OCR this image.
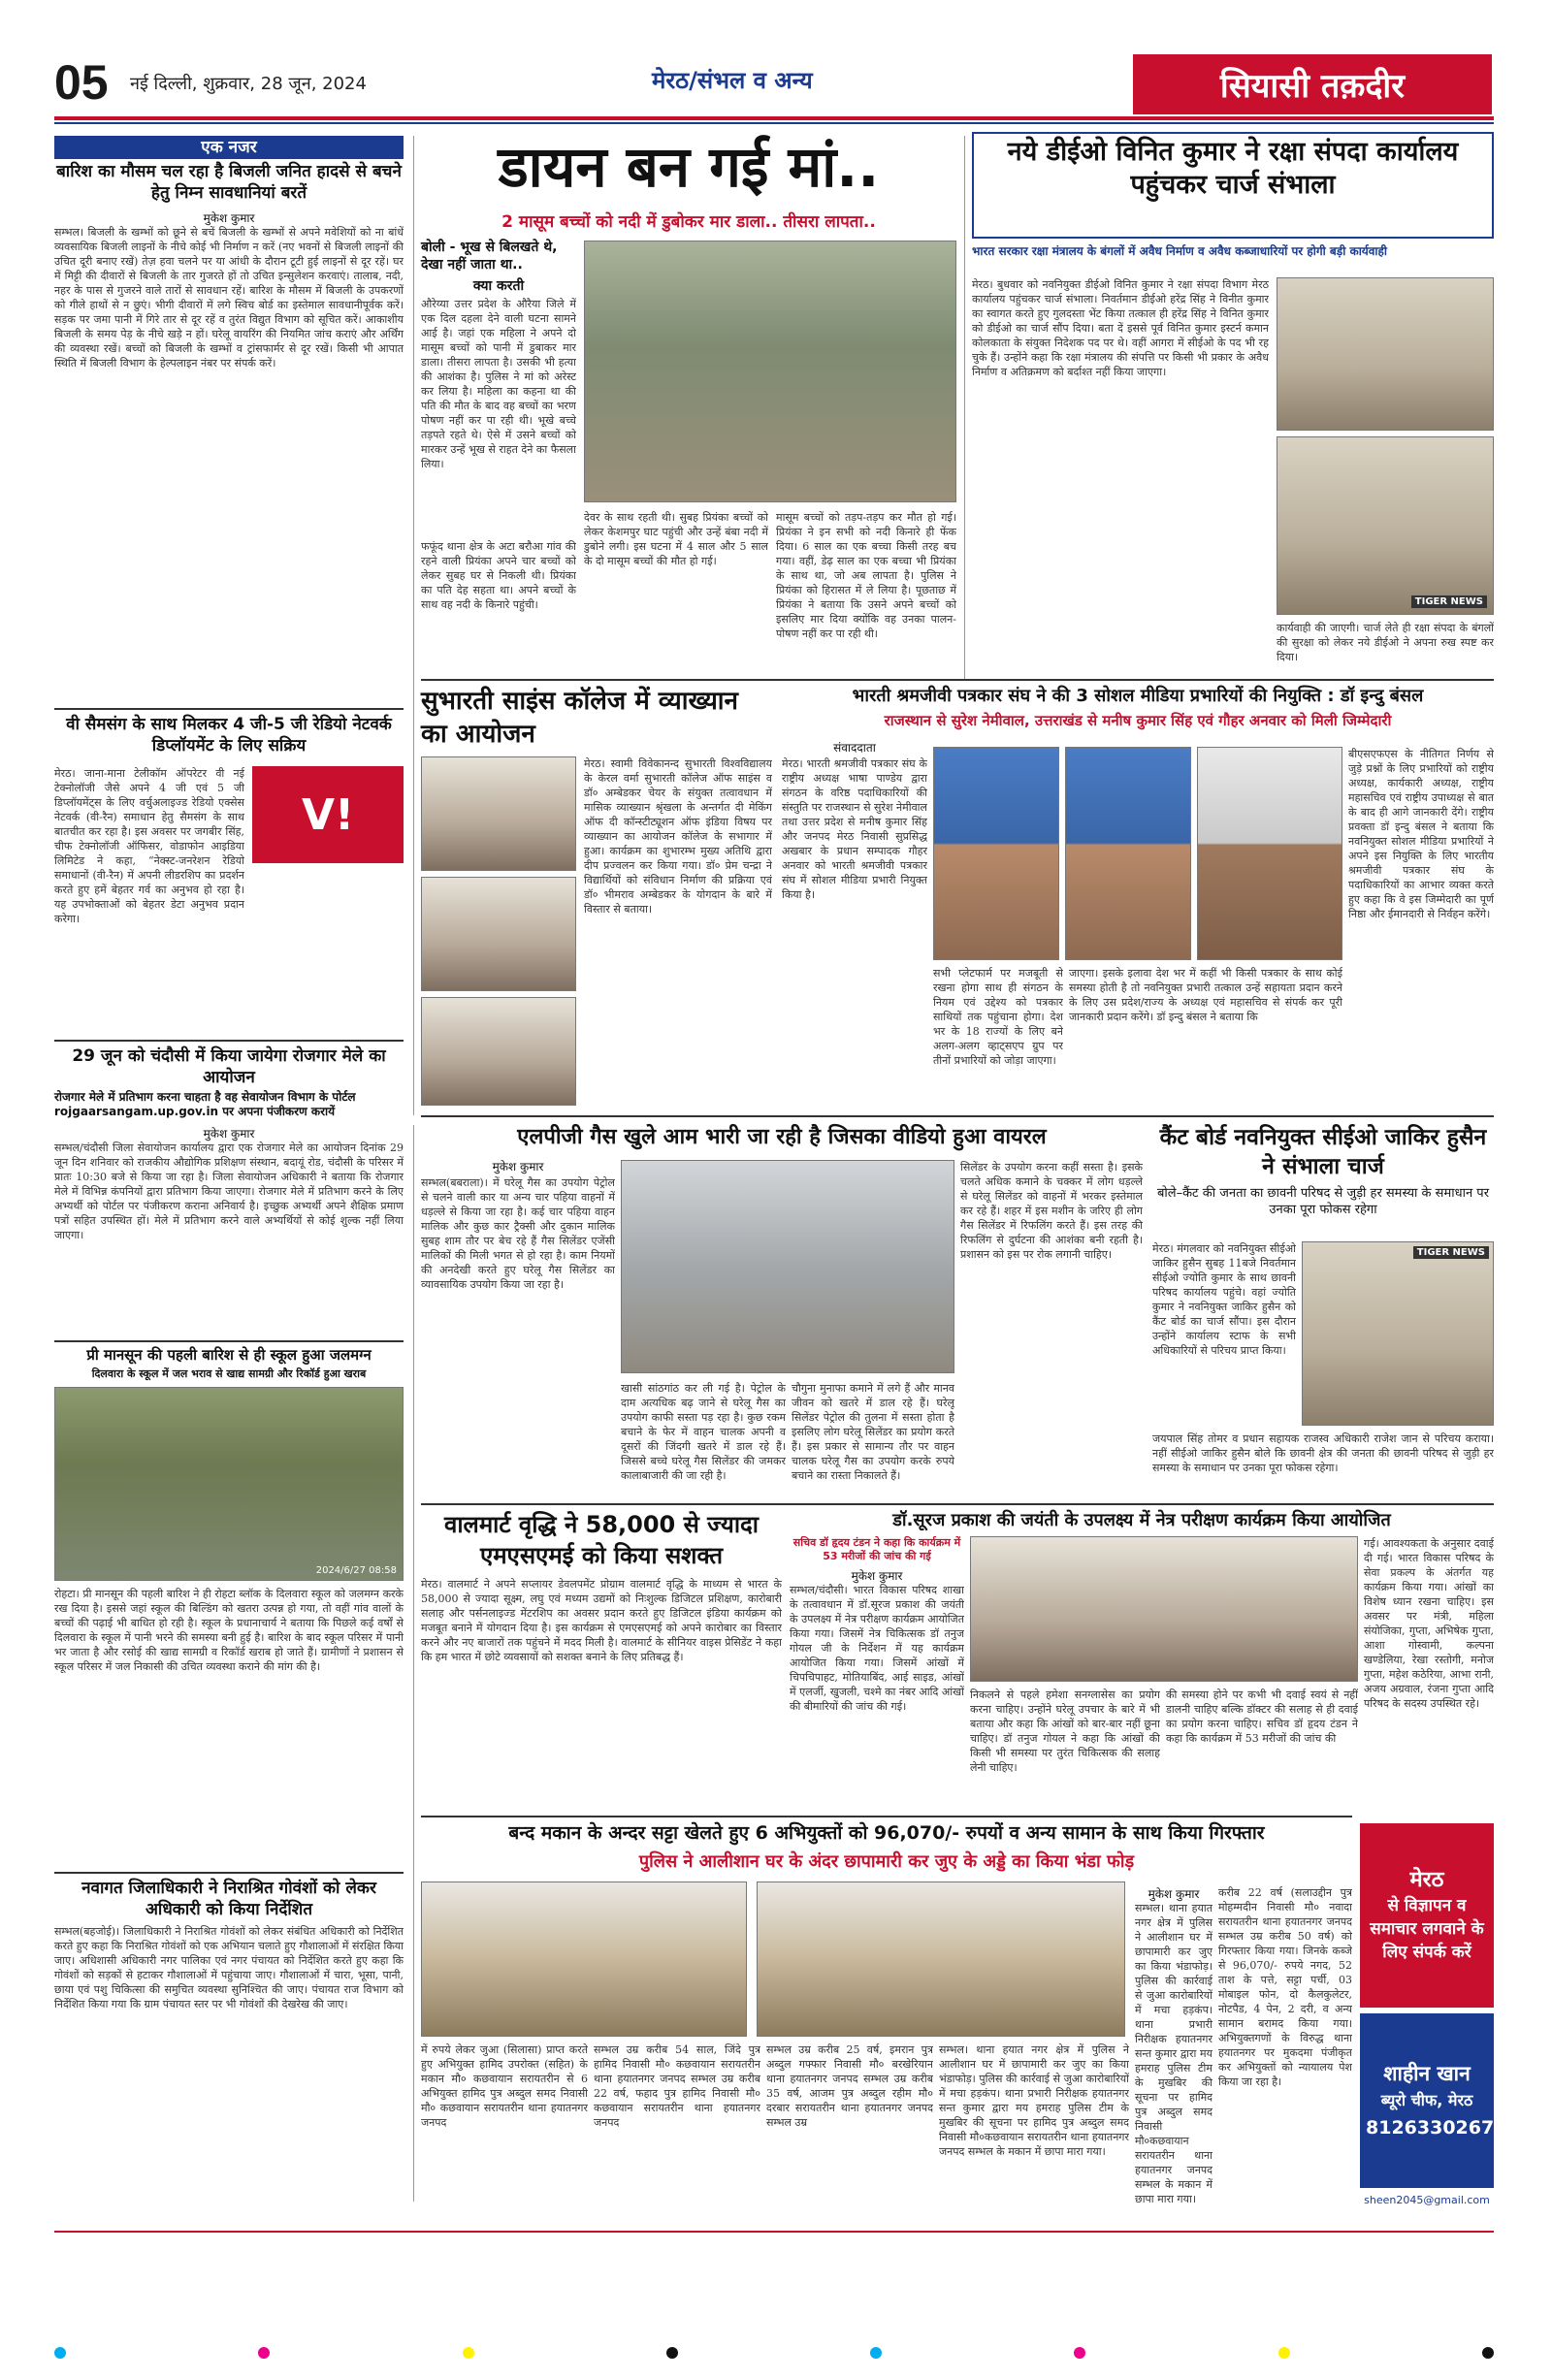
05 नई दिल्ली, शुक्रवार, 28 जून, 2024	मेरठ/संभल व अन्य	सियासी तक़दीर
एक नजर
बारिश का मौसम चल रहा है बिजली जनित हादसे से बचने हेतु निम्न सावधानियां बरतें
मुकेश कुमार
सम्भल। बिजली के खम्भों को छूने से बचें बिजली के खम्भों से अपने मवेशियों को ना बांधें व्यवसायिक बिजली लाइनों के नीचे कोई भी निर्माण न करें (नए भवनों से बिजली लाइनों की उचित दूरी बनाए रखें) तेज़ हवा चलने पर या आंधी के दौरान टूटी हुई लाइनों से दूर रहें। घर में मिट्टी की दीवारों से बिजली के तार गुजरते हों तो उचित इन्सुलेशन करवाएं। तालाब, नदी, नहर के पास से गुजरने वाले तारों से सावधान रहें। बारिश के मौसम में बिजली के उपकरणों को गीले हाथों से न छुएं। भीगी दीवारों में लगे स्विच बोर्ड का इस्तेमाल सावधानीपूर्वक करें। सड़क पर जमा पानी में गिरे तार से दूर रहें व तुरंत विद्युत विभाग को सूचित करें। आकाशीय बिजली के समय पेड़ के नीचे खड़े न हों। घरेलू वायरिंग की नियमित जांच कराएं और अर्थिंग की व्यवस्था रखें। बच्चों को बिजली के खम्भों व ट्रांसफार्मर से दूर रखें। किसी भी आपात स्थिति में बिजली विभाग के हेल्पलाइन नंबर पर संपर्क करें।
वी सैमसंग के साथ मिलकर 4 जी-5 जी रेडियो नेटवर्क डिप्लॉयमेंट के लिए सक्रिय
मेरठ। जाना-माना टेलीकॉम ऑपरेटर वी नई टेक्नोलॉजी जैसे अपने 4 जी एवं 5 जी डिप्लॉयमेंट्स के लिए वर्चुअलाइज्ड रेडियो एक्सेस नेटवर्क (वी-रैन) समाधान हेतु सैमसंग के साथ बातचीत कर रहा है। इस अवसर पर जगबीर सिंह, चीफ टेक्नोलॉजी ऑफिसर, वोडाफोन आइडिया लिमिटेड ने कहा, “नेक्स्ट-जनरेशन रेडियो समाधानों (वी-रैन) में अपनी लीडरशिप का प्रदर्शन करते हुए हमें बेहतर गर्व का अनुभव हो रहा है। यह उपभोक्ताओं को बेहतर डेटा अनुभव प्रदान करेगा।
V!
29 जून को चंदौसी में किया जायेगा रोजगार मेले का आयोजन
रोजगार मेले में प्रतिभाग करना चाहता है वह सेवायोजन विभाग के पोर्टल rojgaarsangam.up.gov.in पर अपना पंजीकरण करायें
मुकेश कुमार
सम्भल/चंदौसी जिला सेवायोजन कार्यालय द्वारा एक रोजगार मेले का आयोजन दिनांक 29 जून दिन शनिवार को राजकीय औद्योगिक प्रशिक्षण संस्थान, बदायूं रोड, चंदौसी के परिसर में प्रातः 10:30 बजे से किया जा रहा है। जिला सेवायोजन अधिकारी ने बताया कि रोजगार मेले में विभिन्न कंपनियों द्वारा प्रतिभाग किया जाएगा। रोजगार मेले में प्रतिभाग करने के लिए अभ्यर्थी को पोर्टल पर पंजीकरण कराना अनिवार्य है। इच्छुक अभ्यर्थी अपने शैक्षिक प्रमाण पत्रों सहित उपस्थित हों। मेले में प्रतिभाग करने वाले अभ्यर्थियों से कोई शुल्क नहीं लिया जाएगा।
प्री मानसून की पहली बारिश से ही स्कूल हुआ जलमग्न
दिलवारा के स्कूल में जल भराव से खाद्य सामग्री और रिकॉर्ड हुआ खराब
2024/6/27 08:58
रोहटा। प्री मानसून की पहली बारिश ने ही रोहटा ब्लॉक के दिलवारा स्कूल को जलमग्न करके रख दिया है। इससे जहां स्कूल की बिल्डिंग को खतरा उत्पन्न हो गया, तो वहीं गांव वालों के बच्चों की पढ़ाई भी बाधित हो रही है। स्कूल के प्रधानाचार्य ने बताया कि पिछले कई वर्षों से दिलवारा के स्कूल में पानी भरने की समस्या बनी हुई है। बारिश के बाद स्कूल परिसर में पानी भर जाता है और रसोई की खाद्य सामग्री व रिकॉर्ड खराब हो जाते हैं। ग्रामीणों ने प्रशासन से स्कूल परिसर में जल निकासी की उचित व्यवस्था कराने की मांग की है।
नवागत जिलाधिकारी ने निराश्रित गोवंशों को लेकर अधिकारी को किया निर्देशित
सम्भल(बहजोई)। जिलाधिकारी ने निराश्रित गोवंशों को लेकर संबंधित अधिकारी को निर्देशित करते हुए कहा कि निराश्रित गोवंशों को एक अभियान चलाते हुए गौशालाओं में संरक्षित किया जाए। अधिशासी अधिकारी नगर पालिका एवं नगर पंचायत को निर्देशित करते हुए कहा कि गोवंशों को सड़कों से हटाकर गौशालाओं में पहुंचाया जाए। गौशालाओं में चारा, भूसा, पानी, छाया एवं पशु चिकित्सा की समुचित व्यवस्था सुनिश्चित की जाए। पंचायत राज विभाग को निर्देशित किया गया कि ग्राम पंचायत स्तर पर भी गोवंशों की देखरेख की जाए।
डायन बन गई मां..
2 मासूम बच्चों को नदी में डुबोकर मार डाला.. तीसरा लापता..
बोली - भूख से बिलखते थे, देखा नहीं जाता था..
क्या करती
औरेय्या उत्तर प्रदेश के औरैया जिले में एक दिल दहला देने वाली घटना सामने आई है। जहां एक महिला ने अपने दो मासूम बच्चों को पानी में डुबाकर मार डाला। तीसरा लापता है। उसकी भी हत्या की आशंका है। पुलिस ने मां को अरेस्ट कर लिया है। महिला का कहना था की पति की मौत के बाद वह बच्चों का भरण पोषण नहीं कर पा रही थी। भूखे बच्चे तड़पते रहते थे। ऐसे में उसने बच्चों को मारकर उन्हें भूख से राहत देने का फैसला लिया।
फफूंद थाना क्षेत्र के अटा बरौआ गांव की रहने वाली प्रियंका अपने चार बच्चों को लेकर सुबह घर से निकली थी। प्रियंका का पति देह सहता था। अपने बच्चों के साथ वह नदी के किनारे पहुंची।
देवर के साथ रहती थी। सुबह प्रियंका बच्चों को लेकर केशमपुर घाट पहुंची और उन्हें बंबा नदी में डुबोने लगी। इस घटना में 4 साल और 5 साल के दो मासूम बच्चों की मौत हो गई।
मासूम बच्चों को तड़प-तड़प कर मौत हो गई। प्रियंका ने इन सभी को नदी किनारे ही फेंक दिया। 6 साल का एक बच्चा किसी तरह बच गया। वहीं, डेढ़ साल का एक बच्चा भी प्रियंका के साथ था, जो अब लापता है। पुलिस ने प्रियंका को हिरासत में ले लिया है। पूछताछ में प्रियंका ने बताया कि उसने अपने बच्चों को इसलिए मार दिया क्योंकि वह उनका पालन-पोषण नहीं कर पा रही थी।
नये डीईओ विनित कुमार ने रक्षा संपदा कार्यालय पहुंचकर चार्ज संभाला
भारत सरकार रक्षा मंत्रालय के बंगलों में अवैध निर्माण व अवैध कब्जाधारियों पर होगी बड़ी कार्यवाही
मेरठ। बुधवार को नवनियुक्त डीईओ विनित कुमार ने रक्षा संपदा विभाग मेरठ कार्यालय पहुंचकर चार्ज संभाला। निवर्तमान डीईओ हरेंद्र सिंह ने विनीत कुमार का स्वागत करते हुए गुलदस्ता भेंट किया तत्काल ही हरेंद्र सिंह ने विनित कुमार को डीईओ का चार्ज सौंप दिया। बता दें इससे पूर्व विनित कुमार इस्टर्न कमान कोलकाता के संयुक्त निदेशक पद पर थे। वहीं आगरा में सीईओ के पद भी रह चुके हैं। उन्होंने कहा कि रक्षा मंत्रालय की संपत्ति पर किसी भी प्रकार के अवैध निर्माण व अतिक्रमण को बर्दाश्त नहीं किया जाएगा।
TIGER NEWS
कार्यवाही की जाएगी। चार्ज लेते ही रक्षा संपदा के बंगलों की सुरक्षा को लेकर नये डीईओ ने अपना रुख स्पष्ट कर दिया।
सुभारती साइंस कॉलेज में व्याख्यान का आयोजन
मेरठ। स्वामी विवेकानन्द सुभारती विश्वविद्यालय के केरल वर्मा सुभारती कॉलेज ऑफ साइंस व डॉ० अम्बेडकर चेयर के संयुक्त तत्वावधान में मासिक व्याख्यान श्रृंखला के अन्तर्गत दी मेकिंग ऑफ दी कॉन्स्टीट्यूशन ऑफ इंडिया विषय पर व्याख्यान का आयोजन कॉलेज के सभागार में हुआ। कार्यक्रम का शुभारम्भ मुख्य अतिथि द्वारा दीप प्रज्वलन कर किया गया। डॉ० प्रेम चन्द्रा ने विद्यार्थियों को संविधान निर्माण की प्रक्रिया एवं डॉ० भीमराव अम्बेडकर के योगदान के बारे में विस्तार से बताया।
भारती श्रमजीवी पत्रकार संघ ने की 3 सोशल मीडिया प्रभारियों की नियुक्ति : डॉ इन्दु बंसल
राजस्थान से सुरेश नेमीवाल, उत्तराखंड से मनीष कुमार सिंह एवं गौहर अनवार को मिली जिम्मेदारी
संवाददाता
मेरठ। भारती श्रमजीवी पत्रकार संघ के राष्ट्रीय अध्यक्ष भाषा पाण्डेय द्वारा संगठन के वरिष्ठ पदाधिकारियों की संस्तुति पर राजस्थान से सुरेश नेमीवाल तथा उत्तर प्रदेश से मनीष कुमार सिंह और जनपद मेरठ निवासी सुप्रसिद्ध अखबार के प्रधान सम्पादक गौहर अनवार को भारती श्रमजीवी पत्रकार संघ में सोशल मीडिया प्रभारी नियुक्त किया है।
सभी प्लेटफार्म पर मजबूती से रखना होगा साथ ही संगठन के नियम एवं उद्देश्य को पत्रकार साथियों तक पहुंचाना होगा। देश भर के 18 राज्यों के लिए बने अलग-अलग व्हाट्सएप ग्रुप पर तीनों प्रभारियों को जोड़ा जाएगा।
जाएगा। इसके इलावा देश भर में कहीं भी किसी पत्रकार के साथ कोई समस्या होती है तो नवनियुक्त प्रभारी तत्काल उन्हें सहायता प्रदान करने के लिए उस प्रदेश/राज्य के अध्यक्ष एवं महासचिव से संपर्क कर पूरी जानकारी प्रदान करेंगे। डॉ इन्दु बंसल ने बताया कि
बीएसएफएस के नीतिगत निर्णय से जुड़े प्रश्नों के लिए प्रभारियों को राष्ट्रीय अध्यक्ष, कार्यकारी अध्यक्ष, राष्ट्रीय महासचिव एवं राष्ट्रीय उपाध्यक्ष से बात के बाद ही आगे जानकारी देंगे। राष्ट्रीय प्रवक्ता डॉ इन्दु बंसल ने बताया कि नवनियुक्त सोशल मीडिया प्रभारियों ने अपने इस नियुक्ति के लिए भारतीय श्रमजीवी पत्रकार संघ के पदाधिकारियों का आभार व्यक्त करते हुए कहा कि वे इस जिम्मेदारी का पूर्ण निष्ठा और ईमानदारी से निर्वहन करेंगे।
एलपीजी गैस खुले आम भारी जा रही है जिसका वीडियो हुआ वायरल
मुकेश कुमार
सम्भल(बबराला)। में घरेलू गैस का उपयोग पेट्रोल से चलने वाली कार या अन्य चार पहिया वाहनों में धड़ल्ले से किया जा रहा है। कई चार पहिया वाहन मालिक और कुछ कार ट्रैक्सी और दुकान मालिक सुबह शाम तौर पर बेच रहे हैं गैस सिलेंडर एजेंसी मालिकों की मिली भगत से हो रहा है। काम नियमों की अनदेखी करते हुए घरेलू गैस सिलेंडर का व्यावसायिक उपयोग किया जा रहा है।
खासी सांठगांठ कर ली गई है। पेट्रोल के दाम अत्यधिक बढ़ जाने से घरेलू गैस का उपयोग काफी सस्ता पड़ रहा है। कुछ रकम बचाने के फेर में वाहन चालक अपनी व दूसरों की जिंदगी खतरे में डाल रहे हैं। जिससे बच्चे घरेलू गैस सिलेंडर की जमकर कालाबाजारी की जा रही है।
चौगुना मुनाफा कमाने में लगे हैं और मानव जीवन को खतरे में डाल रहे हैं। घरेलू सिलेंडर पेट्रोल की तुलना में सस्ता होता है इसलिए लोग घरेलू सिलेंडर का प्रयोग करते हैं। इस प्रकार से सामान्य तौर पर वाहन चालक घरेलू गैस का उपयोग करके रुपये बचाने का रास्ता निकालते हैं।
सिलेंडर के उपयोग करना कहीं सस्ता है। इसके चलते अधिक कमाने के चक्कर में लोग धड़ल्ले से घरेलू सिलेंडर को वाहनों में भरकर इस्तेमाल कर रहे हैं। शहर में इस मशीन के जरिए ही लोग गैस सिलेंडर में रिफलिंग करते हैं। इस तरह की रिफलिंग से दुर्घटना की आशंका बनी रहती है। प्रशासन को इस पर रोक लगानी चाहिए।
कैंट बोर्ड नवनियुक्त सीईओ जाकिर हुसैन ने संभाला चार्ज
बोले–कैंट की जनता का छावनी परिषद से जुड़ी हर समस्या के समाधान पर उनका पूरा फोकस रहेगा
मेरठ। मंगलवार को नवनियुक्त सीईओ जाकिर हुसैन सुबह 11बजे निवर्तमान सीईओ ज्योति कुमार के साथ छावनी परिषद कार्यालय पहुंचे। वहां ज्योति कुमार ने नवनियुक्त जाकिर हुसैन को कैंट बोर्ड का चार्ज सौंपा। इस दौरान उन्होंने कार्यालय स्टाफ के सभी अधिकारियों से परिचय प्राप्त किया।
TIGER NEWS
जयपाल सिंह तोमर व प्रधान सहायक राजस्व अधिकारी राजेश जान से परिचय कराया। नहीं सीईओ जाकिर हुसैन बोले कि छावनी क्षेत्र की जनता की छावनी परिषद से जुड़ी हर समस्या के समाधान पर उनका पूरा फोकस रहेगा।
वालमार्ट वृद्धि ने 58,000 से ज्यादा एमएसएमई को किया सशक्त
मेरठ। वालमार्ट ने अपने सप्लायर डेवलपमेंट प्रोग्राम वालमार्ट वृद्धि के माध्यम से भारत के 58,000 से ज्यादा सूक्ष्म, लघु एवं मध्यम उद्यमों को निःशुल्क डिजिटल प्रशिक्षण, कारोबारी सलाह और पर्सनलाइज्ड मेंटरशिप का अवसर प्रदान करते हुए डिजिटल इंडिया कार्यक्रम को मजबूत बनाने में योगदान दिया है। इस कार्यक्रम से एमएसएमई को अपने कारोबार का विस्तार करने और नए बाजारों तक पहुंचने में मदद मिली है। वालमार्ट के सीनियर वाइस प्रेसिडेंट ने कहा कि हम भारत में छोटे व्यवसायों को सशक्त बनाने के लिए प्रतिबद्ध हैं।
डॉ.सूरज प्रकाश की जयंती के उपलक्ष्य में नेत्र परीक्षण कार्यक्रम किया आयोजित
सचिव डॉ हृदय टंडन ने कहा कि कार्यक्रम में 53 मरीजों की जांच की गई
मुकेश कुमार
सम्भल/चंदौसी। भारत विकास परिषद शाखा के तत्वावधान में डॉ.सूरज प्रकाश की जयंती के उपलक्ष्य में नेत्र परीक्षण कार्यक्रम आयोजित किया गया। जिसमें नेत्र चिकित्सक डॉ तनुज गोयल जी के निर्देशन में यह कार्यक्रम आयोजित किया गया। जिसमें आंखों में चिपचिपाहट, मोतियाबिंद, आई साइड, आंखों में एलर्जी, खुजली, चश्मे का नंबर आदि आंखों की बीमारियों की जांच की गई।
निकलने से पहले हमेशा सनग्लासेस का प्रयोग करना चाहिए। उन्होंने घरेलू उपचार के बारे में भी बताया और कहा कि आंखों को बार-बार नहीं छूना चाहिए। डॉ तनुज गोयल ने कहा कि आंखों की किसी भी समस्या पर तुरंत चिकित्सक की सलाह लेनी चाहिए।
की समस्या होने पर कभी भी दवाई स्वयं से नहीं डालनी चाहिए बल्कि डॉक्टर की सलाह से ही दवाई का प्रयोग करना चाहिए। सचिव डॉ हृदय टंडन ने कहा कि कार्यक्रम में 53 मरीजों की जांच की
गई। आवश्यकता के अनुसार दवाई दी गई। भारत विकास परिषद के सेवा प्रकल्प के अंतर्गत यह कार्यक्रम किया गया। आंखों का विशेष ध्यान रखना चाहिए। इस अवसर पर मंत्री, महिला संयोजिका, गुप्ता, अभिषेक गुप्ता, आशा गोस्वामी, कल्पना खण्डेलिया, रेखा रस्तोगी, मनोज गुप्ता, महेश कठेरिया, आभा रानी, अजय अग्रवाल, रंजना गुप्ता आदि परिषद के सदस्य उपस्थित रहे।
बन्द मकान के अन्दर सट्टा खेलते हुए 6 अभियुक्तों को 96,070/- रुपयों व अन्य सामान के साथ किया गिरफ्तार
पुलिस ने आलीशान घर के अंदर छापामारी कर जुए के अड्डे का किया भंडा फोड़
मुकेश कुमार
सम्भल। थाना हयात नगर क्षेत्र में पुलिस ने आलीशान घर में छापामारी कर जुए का किया भंडाफोड़। पुलिस की कार्रवाई से जुआ कारोबारियों में मचा हड़कंप। थाना प्रभारी निरीक्षक हयातनगर सन्त कुमार द्वारा मय हमराह पुलिस टीम के मुखबिर की सूचना पर हामिद पुत्र अब्दुल समद निवासी मौ०कछवायान सरायतरीन थाना हयातनगर जनपद सम्भल के मकान में छापा मारा गया।
में रुपये लेकर जुआ (सिलासा) प्राप्त करते हुए अभियुक्त हामिद उपरोक्त (सहित) के मकान मौ० कछवायान सरायतरीन से 6 अभियुक्त हामिद पुत्र अब्दुल समद निवासी मौ० कछवायान सरायतरीन थाना हयातनगर जनपद
सम्भल उम्र करीब 54 साल, जिंदे पुत्र हामिद निवासी मौ० कछवायान सरायतरीन थाना हयातनगर जनपद सम्भल उम्र करीब 22 वर्ष, फहाद पुत्र हामिद निवासी मौ० कछवायान सरायतरीन थाना हयातनगर जनपद
सम्भल उम्र करीब 25 वर्ष, इमरान पुत्र अब्दुल गफ्फार निवासी मौ० बरखेरियान थाना हयातनगर जनपद सम्भल उम्र करीब 35 वर्ष, आजम पुत्र अब्दुल रहीम मौ० दरबार सरायतरीन थाना हयातनगर जनपद सम्भल उम्र
करीब 22 वर्ष (सलाउद्दीन पुत्र मोहम्मदीन निवासी मौ० नवादा सरायतरीन थाना हयातनगर जनपद सम्भल उम्र करीब 50 वर्ष) को गिरफ्तार किया गया। जिनके कब्जे से 96,070/- रुपये नगद, 52 ताश के पत्ते, सट्टा पर्ची, 03 मोबाइल फोन, दो कैलकुलेटर, नोटपैड, 4 पेन, 2 दरी, व अन्य सामान बरामद किया गया। अभियुक्तगणों के विरुद्ध थाना हयातनगर पर मुकदमा पंजीकृत कर अभियुक्तों को न्यायालय पेश किया जा रहा है।
सम्भल। थाना हयात नगर क्षेत्र में पुलिस ने आलीशान घर में छापामारी कर जुए का किया भंडाफोड़। पुलिस की कार्रवाई से जुआ कारोबारियों में मचा हड़कंप। थाना प्रभारी निरीक्षक हयातनगर सन्त कुमार द्वारा मय हमराह पुलिस टीम के मुखबिर की सूचना पर हामिद पुत्र अब्दुल समद निवासी मौ०कछवायान सरायतरीन थाना हयातनगर जनपद सम्भल के मकान में छापा मारा गया।
मेरठ
से विज्ञापन व समाचार लगवाने के लिए संपर्क करें
शाहीन खान
ब्यूरो चीफ, मेरठ
8126330267
sheen2045@gmail.com
